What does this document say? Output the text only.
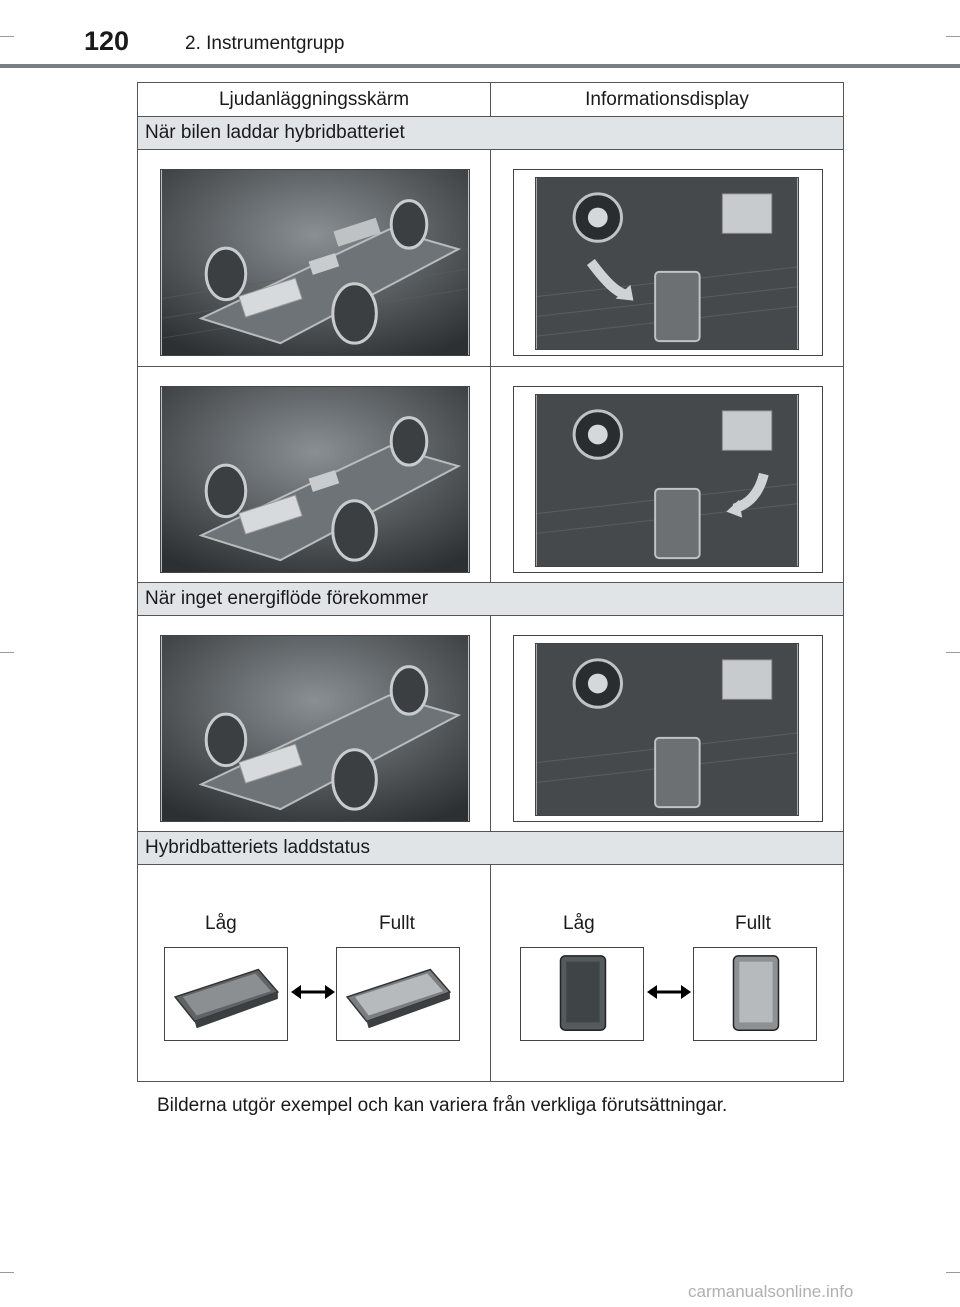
120	2. Instrumentgrupp
Ljudanläggningsskärm	Informationsdisplay
När bilen laddar hybridbatteriet
När inget energiflöde förekommer
Hybridbatteriets laddstatus
Låg	Fullt	Låg	Fullt
Bilderna utgör exempel och kan variera från verkliga förutsättningar.
carmanualsonline.info
